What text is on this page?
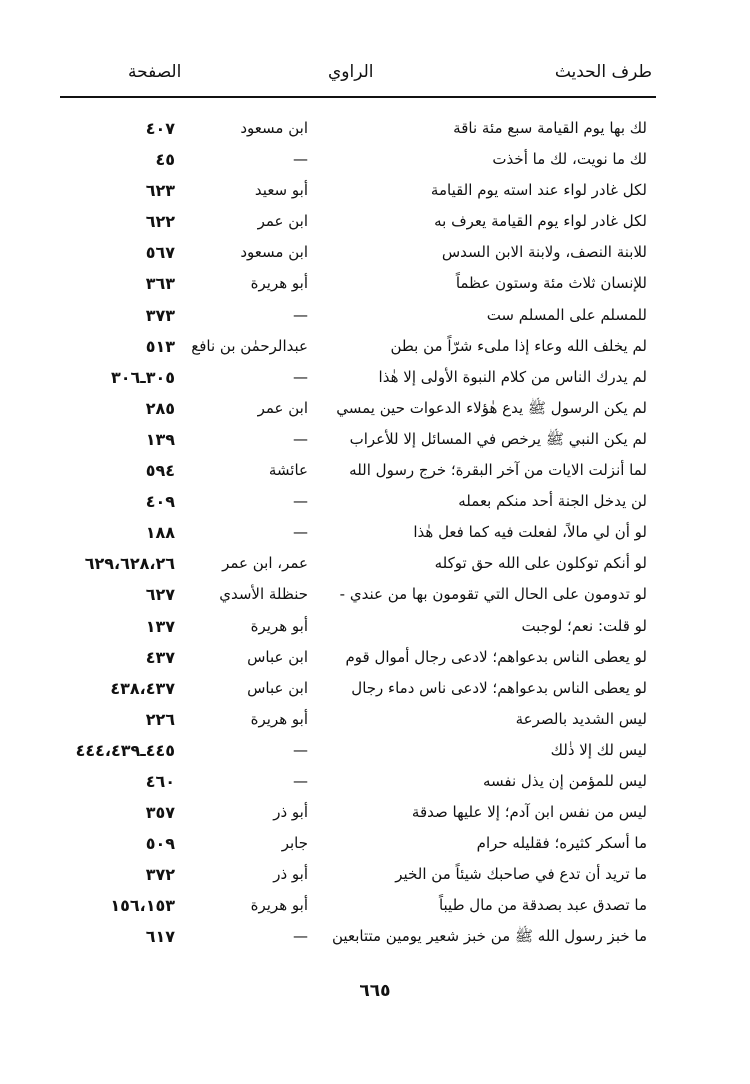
طرف الحديث
الراوي
الصفحة
لك بها يوم القيامة سبع مئة ناقة
ابن مسعود
٤٠٧
لك ما نويت، لك ما أخذت
—
٤٥
لكل غادر لواء عند استه يوم القيامة
أبو سعيد
٦٢٣
لكل غادر لواء يوم القيامة يعرف به
ابن عمر
٦٢٢
للابنة النصف، ولابنة الابن السدس
ابن مسعود
٥٦٧
للإنسان ثلاث مئة وستون عظماً
أبو هريرة
٣٦٣
للمسلم على المسلم ست
—
٣٧٣
لم يخلف الله وعاء إذا ملىء شرّاً من بطن
عبدالرحمٰن بن نافع
٥١٣
لم يدرك الناس من كلام النبوة الأولى إلا هٰذا
—
٣٠٥ـ٣٠٦
لم يكن الرسول ﷺ يدع هٰؤلاء الدعوات حين يمسي
ابن عمر
٢٨٥
لم يكن النبي ﷺ يرخص في المسائل إلا للأعراب
—
١٣٩
لما أنزلت الايات من آخر البقرة؛ خرج رسول الله
عائشة
٥٩٤
لن يدخل الجنة أحد منكم بعمله
—
٤٠٩
لو أن لي مالاً، لفعلت فيه كما فعل هٰذا
—
١٨٨
لو أنكم توكلون على الله حق توكله
عمر، ابن عمر
٦٢٩،٦٢٨،٢٦
لو تدومون على الحال التي تقومون بها من عندي -
حنظلة الأسدي
٦٢٧
لو قلت: نعم؛ لوجبت
أبو هريرة
١٣٧
لو يعطى الناس بدعواهم؛ لادعى رجال أموال قوم
ابن عباس
٤٣٧
لو يعطى الناس بدعواهم؛ لادعى ناس دماء رجال
ابن عباس
٤٣٨،٤٣٧
ليس الشديد بالصرعة
أبو هريرة
٢٢٦
ليس لك إلا ذٰلك
—
٤٤٥ـ٤٤٤،٤٣٩
ليس للمؤمن إن يذل نفسه
—
٤٦٠
ليس من نفس ابن آدم؛ إلا عليها صدقة
أبو ذر
٣٥٧
ما أسكر كثيره؛ فقليله حرام
جابر
٥٠٩
ما تريد أن تدع في صاحبك شيئاً من الخير
أبو ذر
٣٧٢
ما تصدق عبد بصدقة من مال طيباً
أبو هريرة
١٥٦،١٥٣
ما خبز رسول الله ﷺ من خبز شعير يومين متتابعين
—
٦١٧
٦٦٥
